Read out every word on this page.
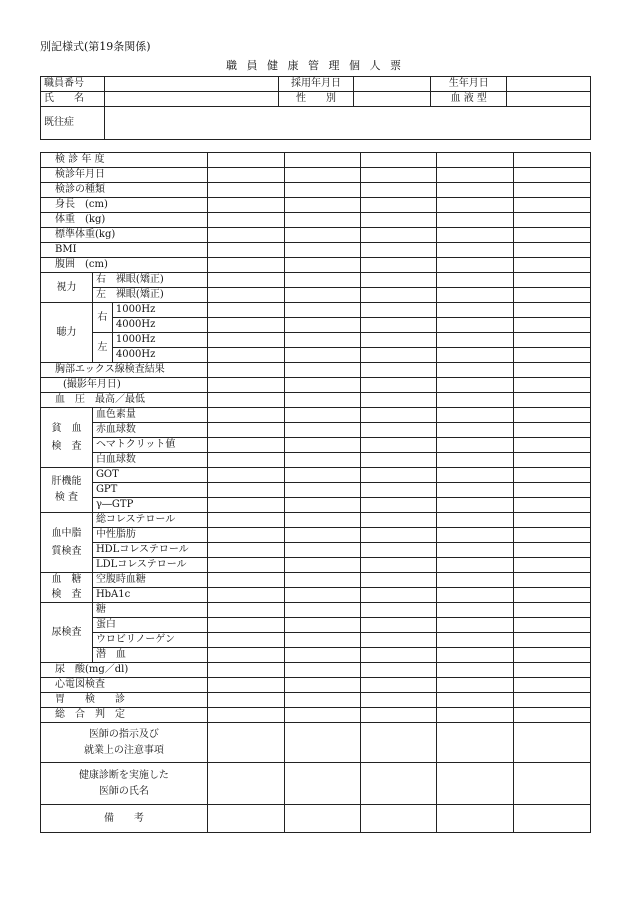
別記様式(第19条関係)
職 員 健 康 管 理 個 人 票
職員番号		採用年月日		生年月日	
氏　　名		性　　別		血 液 型	
既往症					
検 診 年 度							
検診年月日							
検診の種類							
身長　(cm)							
体重　(kg)							
標準体重(kg)							
BMI							
腹囲　(cm)							
視力	右　裸眼(矯正)						
	左　裸眼(矯正)						
聴力	右	1000Hz					
		4000Hz					
	左	1000Hz					
		4000Hz					
胸部エックス線検査結果							
(撮影年月日)							
血　圧　最高／最低							

貧　血
検　査	血色素量						
	赤血球数						
	ヘマトクリット値						
	白血球数						

肝機能
検 査	GOT						
	GPT						
	γ―GTP						

血中脂
質検査	総コレステロール						
	中性脂肪						
	HDLコレステロール						
	LDLコレステロール						

血　糖
検　査	空腹時血糖						
	HbA1c						
尿検査	糖						
	蛋白						
	ウロビリノーゲン						
	潜　血						
尿　酸(mg／dl)							
心電図検査							
胃　　検　　診							
総　合　判　定							

医師の指示及び
就業上の注意事項							

健康診断を実施した
医師の氏名							

備　　考							
